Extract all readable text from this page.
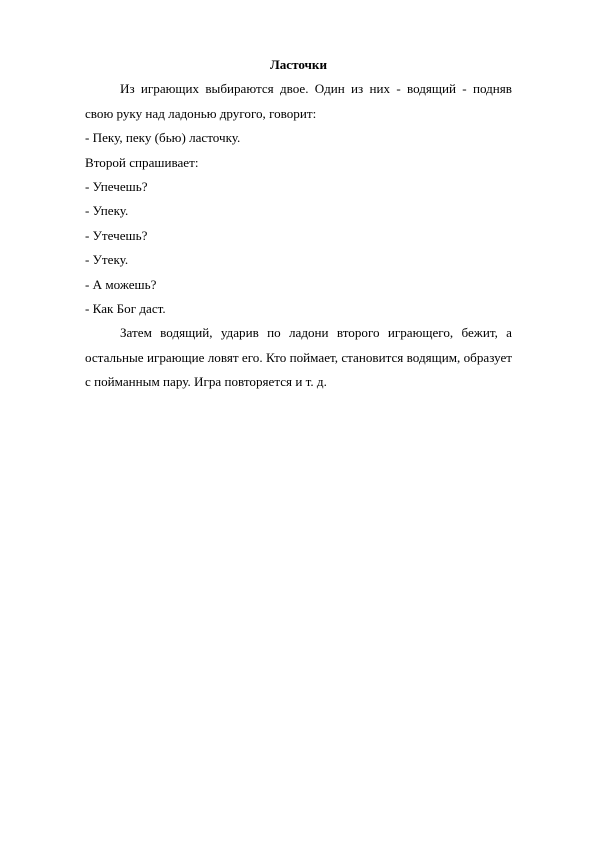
Ласточки

Из играющих выбираются двое. Один из них - водящий - подняв свою руку над ладонью другого, говорит:

- Пеку, пеку (бью) ласточку.

Второй спрашивает:

- Упечешь?

- Упеку.

- Утечешь?

- Утеку.

- А можешь?

- Как Бог даст.

Затем водящий, ударив по ладони второго играющего, бежит, а остальные играющие ловят его. Кто поймает, становится водящим, образует с пойманным пару. Игра повторяется и т. д.
